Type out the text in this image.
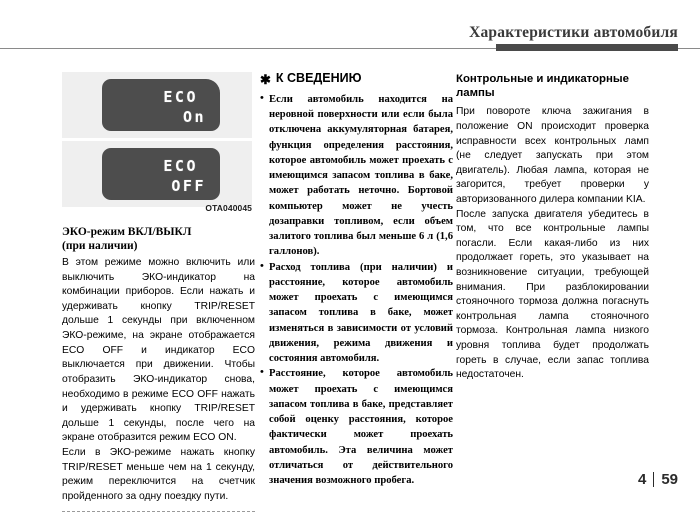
Характеристики автомобиля
ECO
On
ECO
OFF
OTA040045
ЭКО-режим ВКЛ/ВЫКЛ
(при наличии)

В этом режиме можно включить или выключить ЭКО-индикатор на комбинации приборов. Если нажать и удерживать кнопку TRIP/RESET дольше 1 секунды при включенном ЭКО-режиме, на экране отображается ECO OFF и индикатор ECO выключается при движении. Чтобы отобразить ЭКО-индикатор снова, необходимо в режиме ECO OFF нажать и удерживать кнопку TRIP/RESET дольше 1 секунды, после чего на экране отобразится режим ECO ON.

Если в ЭКО-режиме нажать кнопку TRIP/RESET меньше чем на 1 секунду, режим переключится на счетчик пройденного за одну поездку пути.

✱ К СВЕДЕНИЮ
• Если автомобиль находится на неровной поверхности или если была отключена аккумуляторная батарея, функция определения расстояния, которое автомобиль может проехать с имеющимся запасом топлива в баке, может работать неточно. Бортовой компьютер может не учесть дозаправки топливом, если объем залитого топлива был меньше 6 л (1,6 галлонов).

• Расход топлива (при наличии) и расстояние, которое автомобиль может проехать с имеющимся запасом топлива в баке, может изменяться в зависимости от условий движения, режима движения и состояния автомобиля.

• Расстояние, которое автомобиль может проехать с имеющимся запасом топлива в баке, представляет собой оценку расстояния, которое фактически может проехать автомобиль. Эта величина может отличаться от действительного значения возможного пробега.

Контрольные и индикаторные лампы

При повороте ключа зажигания в положение ON происходит проверка исправности всех контрольных ламп (не следует запускать при этом двигатель). Любая лампа, которая не загорится, требует проверки у авторизованного дилера компании KIA.

После запуска двигателя убедитесь в том, что все контрольные лампы погасли. Если какая-либо из них продолжает гореть, это указывает на возникновение ситуации, требующей внимания. При разблокировании стояночного тормоза должна погаснуть контрольная лампа стояночного тормоза. Контрольная лампа низкого уровня топлива будет продолжать гореть в случае, если запас топлива недостаточен.

4 59
